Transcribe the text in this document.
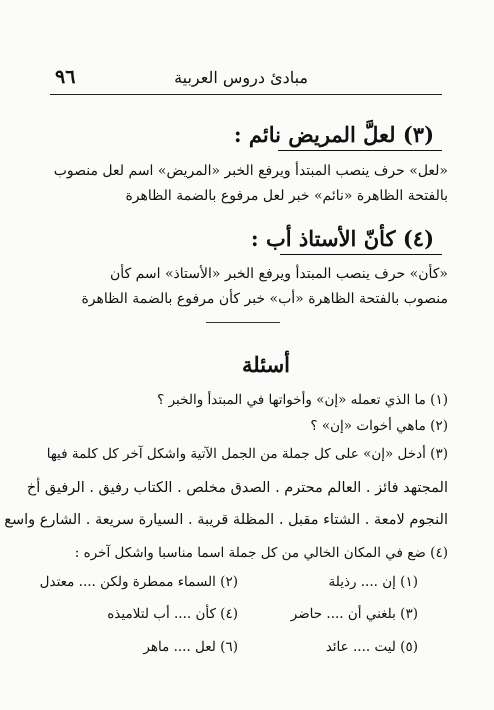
٩٦	مبادئ دروس العربية
(٣) لعلَّ المريض نائم :
«لعل» حرف ينصب المبتدأ ويرفع الخبر «المريض» اسم لعل منصوب
بالفتحة الظاهرة «نائم» خبر لعل مرفوع بالضمة الظاهرة
(٤) كأنّ الأستاذ أب :
«كأن» حرف ينصب المبتدأ ويرفع الخبر «الأستاذ» اسم كأن
منصوب بالفتحة الظاهرة «أب» خبر كأن مرفوع بالضمة الظاهرة
أسئلة
(١) ما الذي تعمله «إن» وأخواتها في المبتدأ والخبر ؟
(٢) ماهي أخوات «إن» ؟
(٣) أدخل «إن» على كل جملة من الجمل الآتية واشكل آخر كل كلمة فيها
المجتهد فائز . العالم محترم . الصدق مخلص . الكتاب رفيق . الرفيق أخ
النجوم لامعة . الشتاء مقبل . المظلة قريبة . السيارة سريعة . الشارع واسع
(٤) ضع في المكان الخالي من كل جملة اسما مناسبا واشكل آخره :
(١) إن .... رذيلة
(٢) السماء ممطرة ولكن .... معتدل
(٣) بلغني أن .... حاضر
(٤) كأن .... أب لتلاميذه
(٥) ليت .... عائد
(٦) لعل .... ماهر
